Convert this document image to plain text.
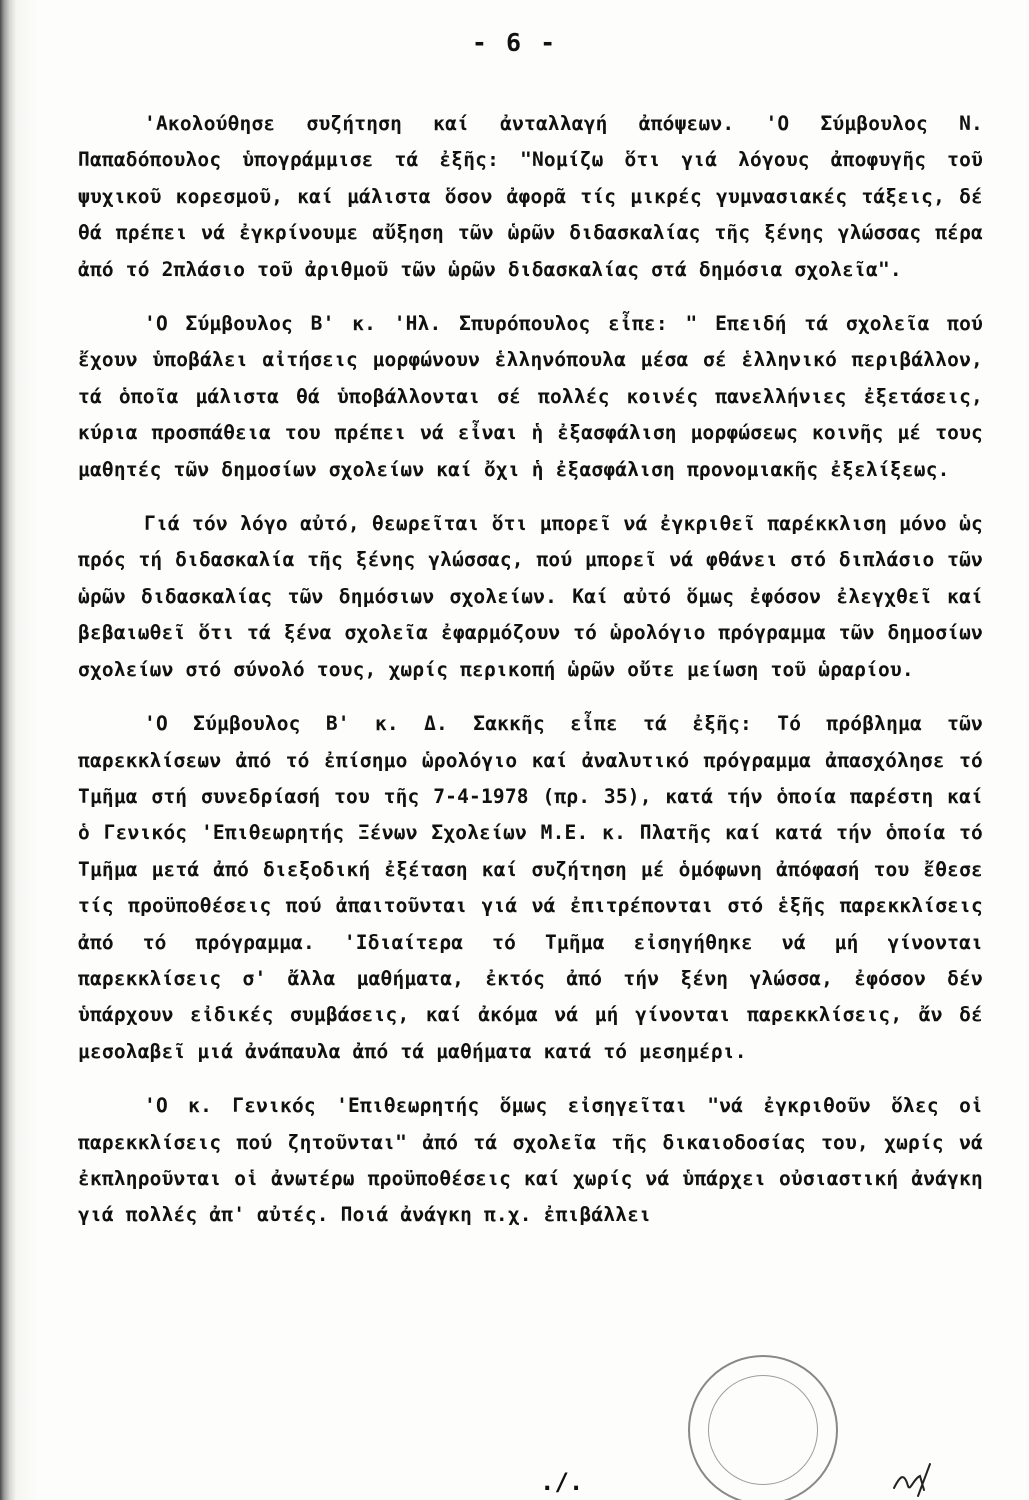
- 6 -

'Ακολούθησε συζήτηση καί ἀνταλλαγή ἀπόψεων. 'Ο Σύμβουλος Ν. Παπαδόπουλος ὑπογράμμισε τά ἐξῆς: "Νομίζω ὅτι γιά λόγους ἀποφυγῆς τοῦ ψυχικοῦ κορεσμοῦ, καί μάλιστα ὅσον ἀφορᾶ τίς μικρές γυμνασιακές τάξεις, δέ θά πρέπει νά ἐγκρίνουμε αὔξηση τῶν ὡρῶν διδασκαλίας τῆς ξένης γλώσσας πέρα ἀπό τό 2πλάσιο τοῦ ἀριθμοῦ τῶν ὡρῶν διδασκαλίας στά δημόσια σχολεῖα".

'Ο Σύμβουλος Β' κ. 'Ηλ. Σπυρόπουλος εἶπε: " Επειδή τά σχολεῖα πού ἔχουν ὑποβάλει αἰτήσεις μορφώνουν ἑλληνόπουλα μέσα σέ ἑλληνικό περιβάλλον, τά ὁποῖα μάλιστα θά ὑποβάλλονται σέ πολλές κοινές πανελλήνιες ἐξετάσεις, κύρια προσπάθεια του πρέπει νά εἶναι ἡ ἐξασφάλιση μορφώσεως κοινῆς μέ τους μαθητές τῶν δημοσίων σχολείων καί ὄχι ἡ ἐξασφάλιση προνομιακῆς ἐξελίξεως.

Γιά τόν λόγο αὐτό, θεωρεῖται ὅτι μπορεῖ νά ἐγκριθεῖ παρέκκλιση μόνο ὡς πρός τή διδασκαλία τῆς ξένης γλώσσας, πού μπορεῖ νά φθάνει στό διπλάσιο τῶν ὡρῶν διδασκαλίας τῶν δημόσιων σχολείων. Καί αὐτό ὅμως ἐφόσον ἐλεγχθεῖ καί βεβαιωθεῖ ὅτι τά ξένα σχολεῖα ἐφαρμόζουν τό ὡρολόγιο πρόγραμμα τῶν δημοσίων σχολείων στό σύνολό τους, χωρίς περικοπή ὡρῶν οὔτε μείωση τοῦ ὡραρίου.

'Ο Σύμβουλος Β' κ. Δ. Σακκῆς εἶπε τά ἐξῆς: Τό πρόβλημα τῶν παρεκκλίσεων ἀπό τό ἐπίσημο ὡρολόγιο καί ἀναλυτικό πρόγραμμα ἀπασχόλησε τό Τμῆμα στή συνεδρίασή του τῆς 7-4-1978 (πρ. 35), κατά τήν ὁποία παρέστη καί ὁ Γενικός 'Επιθεωρητής Ξένων Σχολείων Μ.Ε. κ. Πλατῆς καί κατά τήν ὁποία τό Τμῆμα μετά ἀπό διεξοδική ἐξέταση καί συζήτηση μέ ὁμόφωνη ἀπόφασή του ἔθεσε τίς προϋποθέσεις πού ἀπαιτοῦνται γιά νά ἐπιτρέπονται στό ἑξῆς παρεκκλίσεις ἀπό τό πρόγραμμα. 'Ιδιαίτερα τό Τμῆμα εἰσηγήθηκε νά μή γίνονται παρεκκλίσεις σ' ἄλλα μαθήματα, ἐκτός ἀπό τήν ξένη γλώσσα, ἐφόσον δέν ὑπάρχουν εἰδικές συμβάσεις, καί ἀκόμα νά μή γίνονται παρεκκλίσεις, ἄν δέ μεσολαβεῖ μιά ἀνάπαυλα ἀπό τά μαθήματα κατά τό μεσημέρι.

'Ο κ. Γενικός 'Επιθεωρητής ὅμως εἰσηγεῖται "νά ἐγκριθοῦν ὅλες οἱ παρεκκλίσεις πού ζητοῦνται" ἀπό τά σχολεῖα τῆς δικαιοδοσίας του, χωρίς νά ἐκπληροῦνται οἱ ἀνωτέρω προϋποθέσεις καί χωρίς νά ὑπάρχει οὐσιαστική ἀνάγκη γιά πολλές ἀπ' αὐτές. Ποιά ἀνάγκη π.χ. ἐπιβάλλει

./.
